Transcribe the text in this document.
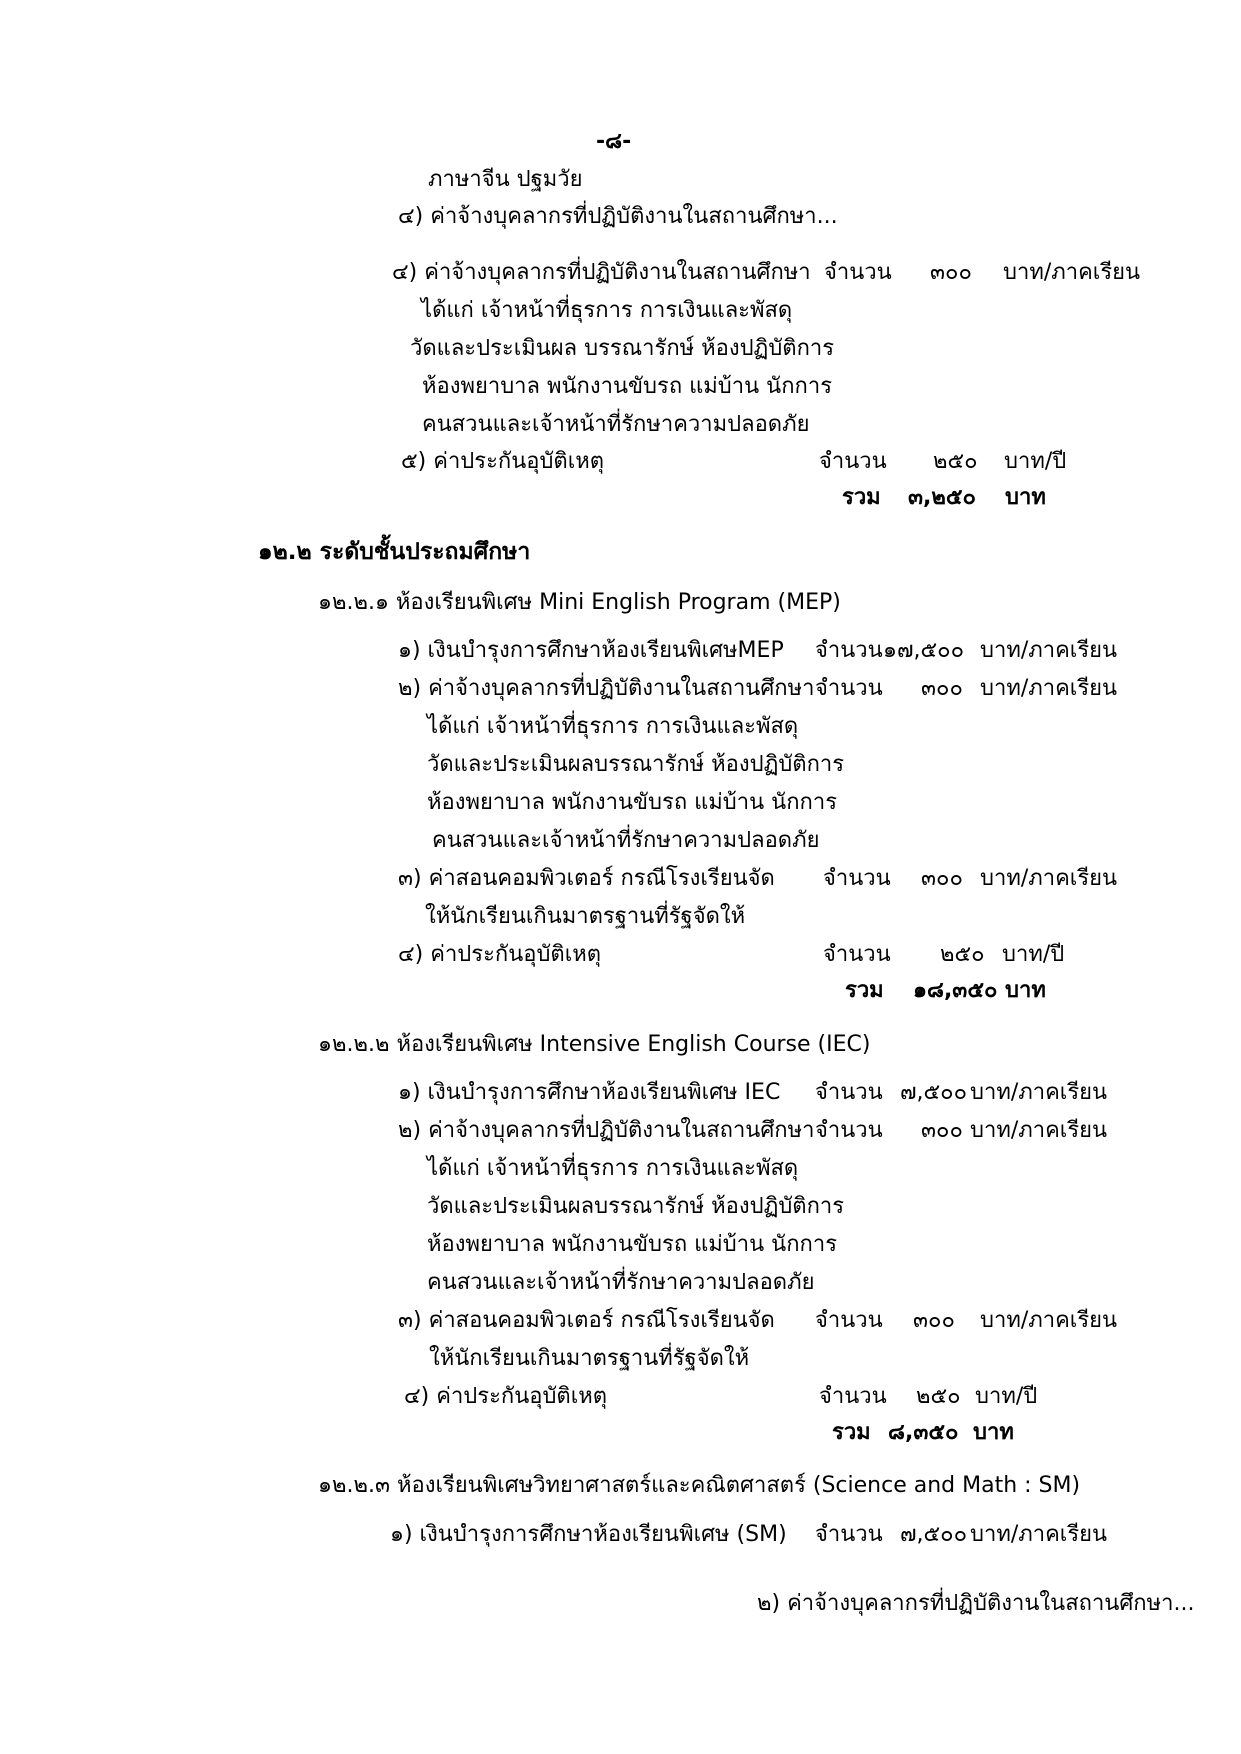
-๘-
ภาษาจีน ปฐมวัย
๔) ค่าจ้างบุคลากรที่ปฏิบัติงานในสถานศึกษา...
๔) ค่าจ้างบุคลากรที่ปฏิบัติงานในสถานศึกษา จำนวน ๓๐๐ บาท/ภาคเรียน
ได้แก่ เจ้าหน้าที่ธุรการ การเงินและพัสดุ
วัดและประเมินผล บรรณารักษ์ ห้องปฏิบัติการ
ห้องพยาบาล พนักงานขับรถ แม่บ้าน นักการ
คนสวนและเจ้าหน้าที่รักษาความปลอดภัย
๕) ค่าประกันอุบัติเหตุ	จำนวน ๒๕๐ บาท/ปี
รวม ๓,๒๕๐ บาท
๑๒.๒ ระดับชั้นประถมศึกษา
๑๒.๒.๑ ห้องเรียนพิเศษ Mini English Program (MEP)
๑) เงินบำรุงการศึกษาห้องเรียนพิเศษMEP จำนวน ๑๗,๕๐๐ บาท/ภาคเรียน
๒) ค่าจ้างบุคลากรที่ปฏิบัติงานในสถานศึกษา จำนวน ๓๐๐ บาท/ภาคเรียน
ได้แก่ เจ้าหน้าที่ธุรการ การเงินและพัสดุ
วัดและประเมินผลบรรณารักษ์ ห้องปฏิบัติการ
ห้องพยาบาล พนักงานขับรถ แม่บ้าน นักการ
คนสวนและเจ้าหน้าที่รักษาความปลอดภัย
๓) ค่าสอนคอมพิวเตอร์ กรณีโรงเรียนจัด จำนวน ๓๐๐ บาท/ภาคเรียน
ให้นักเรียนเกินมาตรฐานที่รัฐจัดให้
๔) ค่าประกันอุบัติเหตุ	จำนวน ๒๕๐ บาท/ปี
รวม ๑๘,๓๕๐ บาท
๑๒.๒.๒ ห้องเรียนพิเศษ Intensive English Course (IEC)
๑) เงินบำรุงการศึกษาห้องเรียนพิเศษ IEC จำนวน ๗,๕๐๐ บาท/ภาคเรียน
๒) ค่าจ้างบุคลากรที่ปฏิบัติงานในสถานศึกษา จำนวน ๓๐๐ บาท/ภาคเรียน
ได้แก่ เจ้าหน้าที่ธุรการ การเงินและพัสดุ
วัดและประเมินผลบรรณารักษ์ ห้องปฏิบัติการ
ห้องพยาบาล พนักงานขับรถ แม่บ้าน นักการ
คนสวนและเจ้าหน้าที่รักษาความปลอดภัย
๓) ค่าสอนคอมพิวเตอร์ กรณีโรงเรียนจัด จำนวน ๓๐๐ บาท/ภาคเรียน
ให้นักเรียนเกินมาตรฐานที่รัฐจัดให้
๔) ค่าประกันอุบัติเหตุ	จำนวน ๒๕๐ บาท/ปี
รวม ๘,๓๕๐ บาท
๑๒.๒.๓ ห้องเรียนพิเศษวิทยาศาสตร์และคณิตศาสตร์ (Science and Math : SM)
๑) เงินบำรุงการศึกษาห้องเรียนพิเศษ (SM) จำนวน ๗,๕๐๐ บาท/ภาคเรียน
๒) ค่าจ้างบุคลากรที่ปฏิบัติงานในสถานศึกษา...
